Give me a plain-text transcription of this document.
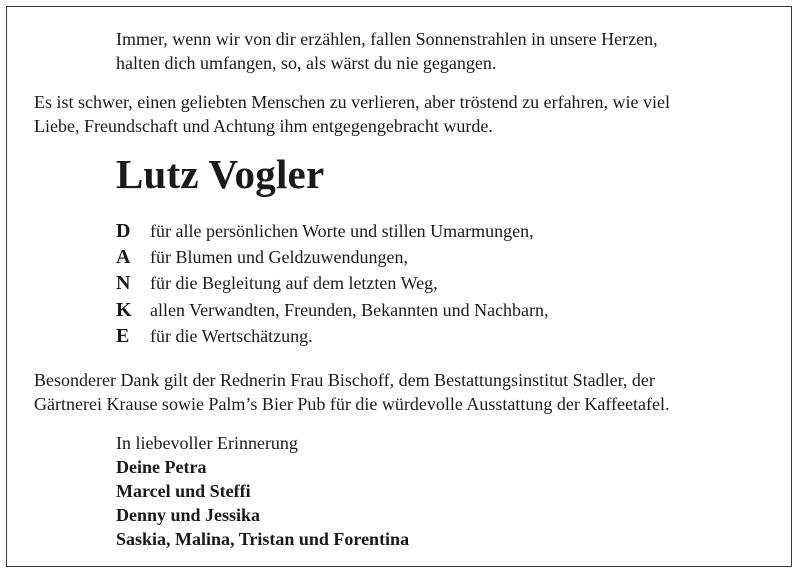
Immer, wenn wir von dir erzählen, fallen Sonnenstrahlen in unsere Herzen,
halten dich umfangen, so, als wärst du nie gegangen.
Es ist schwer, einen geliebten Menschen zu verlieren, aber tröstend zu erfahren, wie viel
Liebe, Freundschaft und Achtung ihm entgegengebracht wurde.
Lutz Vogler
D für alle persönlichen Worte und stillen Umarmungen,
A für Blumen und Geldzuwendungen,
N für die Begleitung auf dem letzten Weg,
K allen Verwandten, Freunden, Bekannten und Nachbarn,
E für die Wertschätzung.
Besonderer Dank gilt der Rednerin Frau Bischoff, dem Bestattungsinstitut Stadler, der
Gärtnerei Krause sowie Palm’s Bier Pub für die würdevolle Ausstattung der Kaffeetafel.
In liebevoller Erinnerung
Deine Petra
Marcel und Steffi
Denny und Jessika
Saskia, Malina, Tristan und Forentina
